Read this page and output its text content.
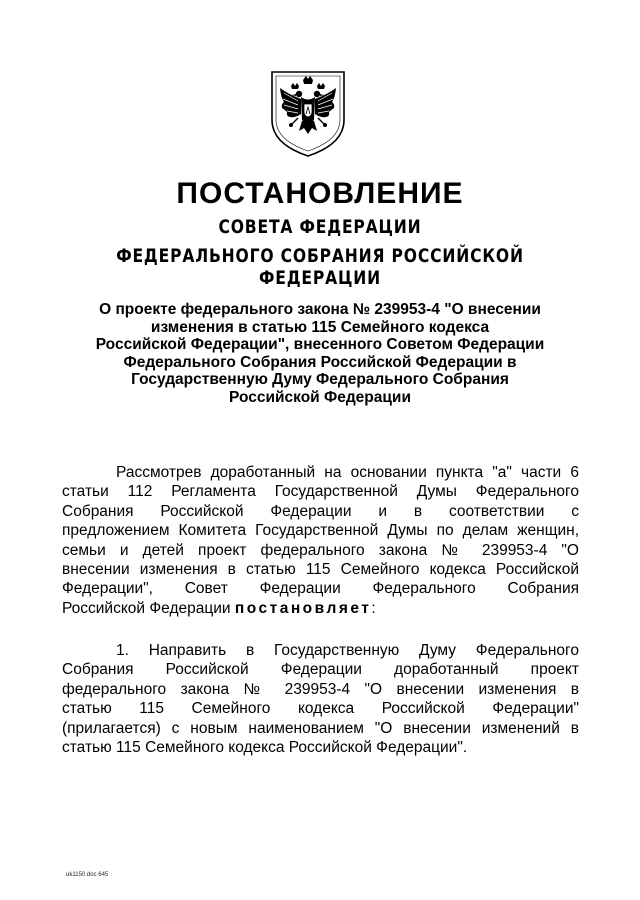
ПОСТАНОВЛЕНИЕ
СОВЕТА ФЕДЕРАЦИИ
ФЕДЕРАЛЬНОГО СОБРАНИЯ РОССИЙСКОЙ ФЕДЕРАЦИИ
О проекте федерального закона № 239953-4 "О внесении
изменения в статью 115 Семейного кодекса
Российской Федерации", внесенного Советом Федерации
Федерального Собрания Российской Федерации в
Государственную Думу Федерального Собрания
Российской Федерации
Рассмотрев доработанный на основании пункта "а" части 6
статьи 112 Регламента Государственной Думы Федерального
Собрания Российской Федерации и в соответствии с
предложением Комитета Государственной Думы по делам женщин,
семьи и детей проект федерального закона № 239953-4 "О
внесении изменения в статью 115 Семейного кодекса Российской
Федерации", Совет Федерации Федерального Собрания
Российской Федерации постановляет:
1. Направить в Государственную Думу Федерального
Собрания Российской Федерации доработанный проект
федерального закона № 239953-4 "О внесении изменения в
статью 115 Семейного кодекса Российской Федерации"
(прилагается) с новым наименованием "О внесении изменений в
статью 115 Семейного кодекса Российской Федерации".
uk1150.doc 645
